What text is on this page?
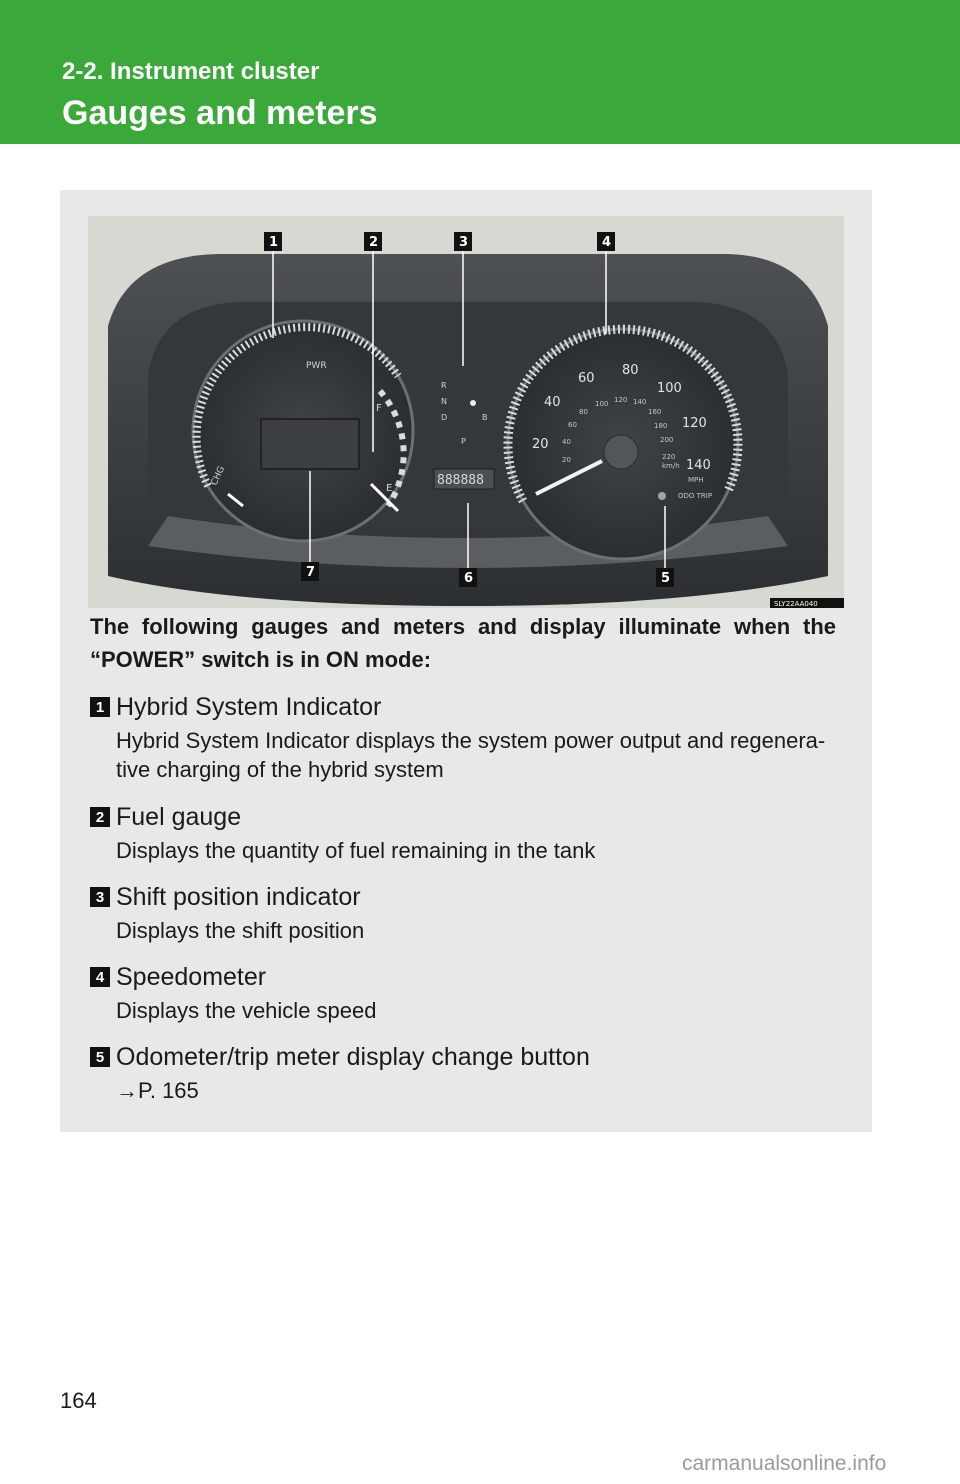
2-2. Instrument cluster
Gauges and meters
PWR
CHG
F
E
R
N
D	B
P
888888
20
40
60
80
100
120
140
20
40
60
80
100 120 140
160
180
200
220
km/h
MPH
ODO TRIP
1	2	3	4
5
6
7
SLY22AA040
The following gauges and meters and display illuminate when the “POWER” switch is in ON mode:
1 Hybrid System Indicator
Hybrid System Indicator displays the system power output and regenera-tive charging of the hybrid system
2 Fuel gauge
Displays the quantity of fuel remaining in the tank
3 Shift position indicator
Displays the shift position
4 Speedometer
Displays the vehicle speed
5 Odometer/trip meter display change button
→P. 165
164
carmanualsonline.info
